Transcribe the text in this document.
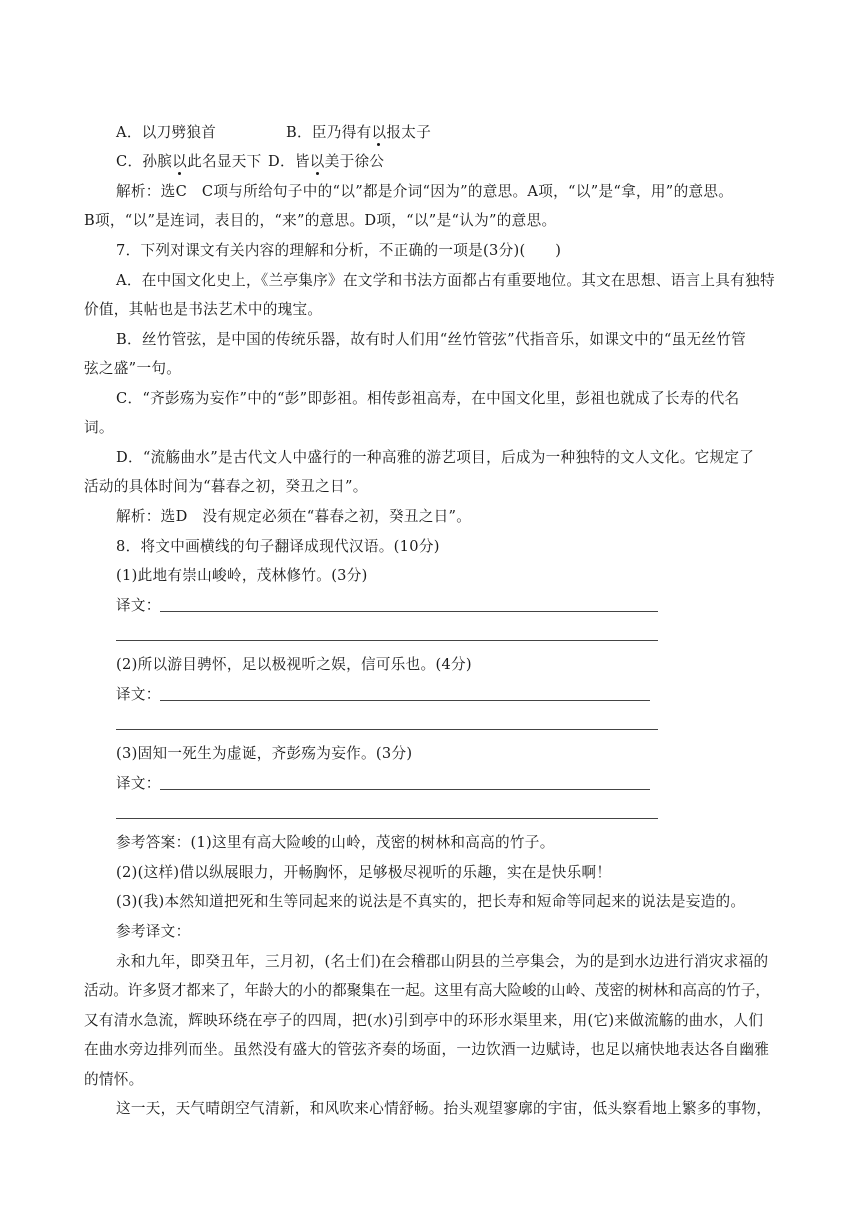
A．以刀劈狼首	B．臣乃得有以报太子
C．孙膑以此名显天下 D．皆以美于徐公
解析：选C　C项与所给句子中的“以”都是介词“因为”的意思。A项，“以”是“拿，用”的意思。
B项，“以”是连词，表目的，“来”的意思。D项，“以”是“认为”的意思。
7．下列对课文有关内容的理解和分析，不正确的一项是(3分)(　　)
A．在中国文化史上，《兰亭集序》在文学和书法方面都占有重要地位。其文在思想、语言上具有独特
价值，其帖也是书法艺术中的瑰宝。
B．丝竹管弦，是中国的传统乐器，故有时人们用“丝竹管弦”代指音乐，如课文中的“虽无丝竹管
弦之盛”一句。
C．“齐彭殇为妄作”中的“彭”即彭祖。相传彭祖高寿，在中国文化里，彭祖也就成了长寿的代名
词。
D．“流觞曲水”是古代文人中盛行的一种高雅的游艺项目，后成为一种独特的文人文化。它规定了
活动的具体时间为“暮春之初，癸丑之日”。
解析：选D　没有规定必须在“暮春之初，癸丑之日”。
8．将文中画横线的句子翻译成现代汉语。(10分)
(1)此地有崇山峻岭，茂林修竹。(3分)
译文：
(2)所以游目骋怀，足以极视听之娱，信可乐也。(4分)
译文：
(3)固知一死生为虚诞，齐彭殇为妄作。(3分)
译文：
参考答案：(1)这里有高大险峻的山岭，茂密的树林和高高的竹子。
(2)(这样)借以纵展眼力，开畅胸怀，足够极尽视听的乐趣，实在是快乐啊！
(3)(我)本然知道把死和生等同起来的说法是不真实的，把长寿和短命等同起来的说法是妄造的。
参考译文：
永和九年，即癸丑年，三月初，(名士们)在会稽郡山阴县的兰亭集会，为的是到水边进行消灾求福的
活动。许多贤才都来了，年龄大的小的都聚集在一起。这里有高大险峻的山岭、茂密的树林和高高的竹子，
又有清水急流，辉映环绕在亭子的四周，把(水)引到亭中的环形水渠里来，用(它)来做流觞的曲水，人们
在曲水旁边排列而坐。虽然没有盛大的管弦齐奏的场面，一边饮酒一边赋诗，也足以痛快地表达各自幽雅
的情怀。
这一天，天气晴朗空气清新，和风吹来心情舒畅。抬头观望寥廓的宇宙，低头察看地上繁多的事物，
